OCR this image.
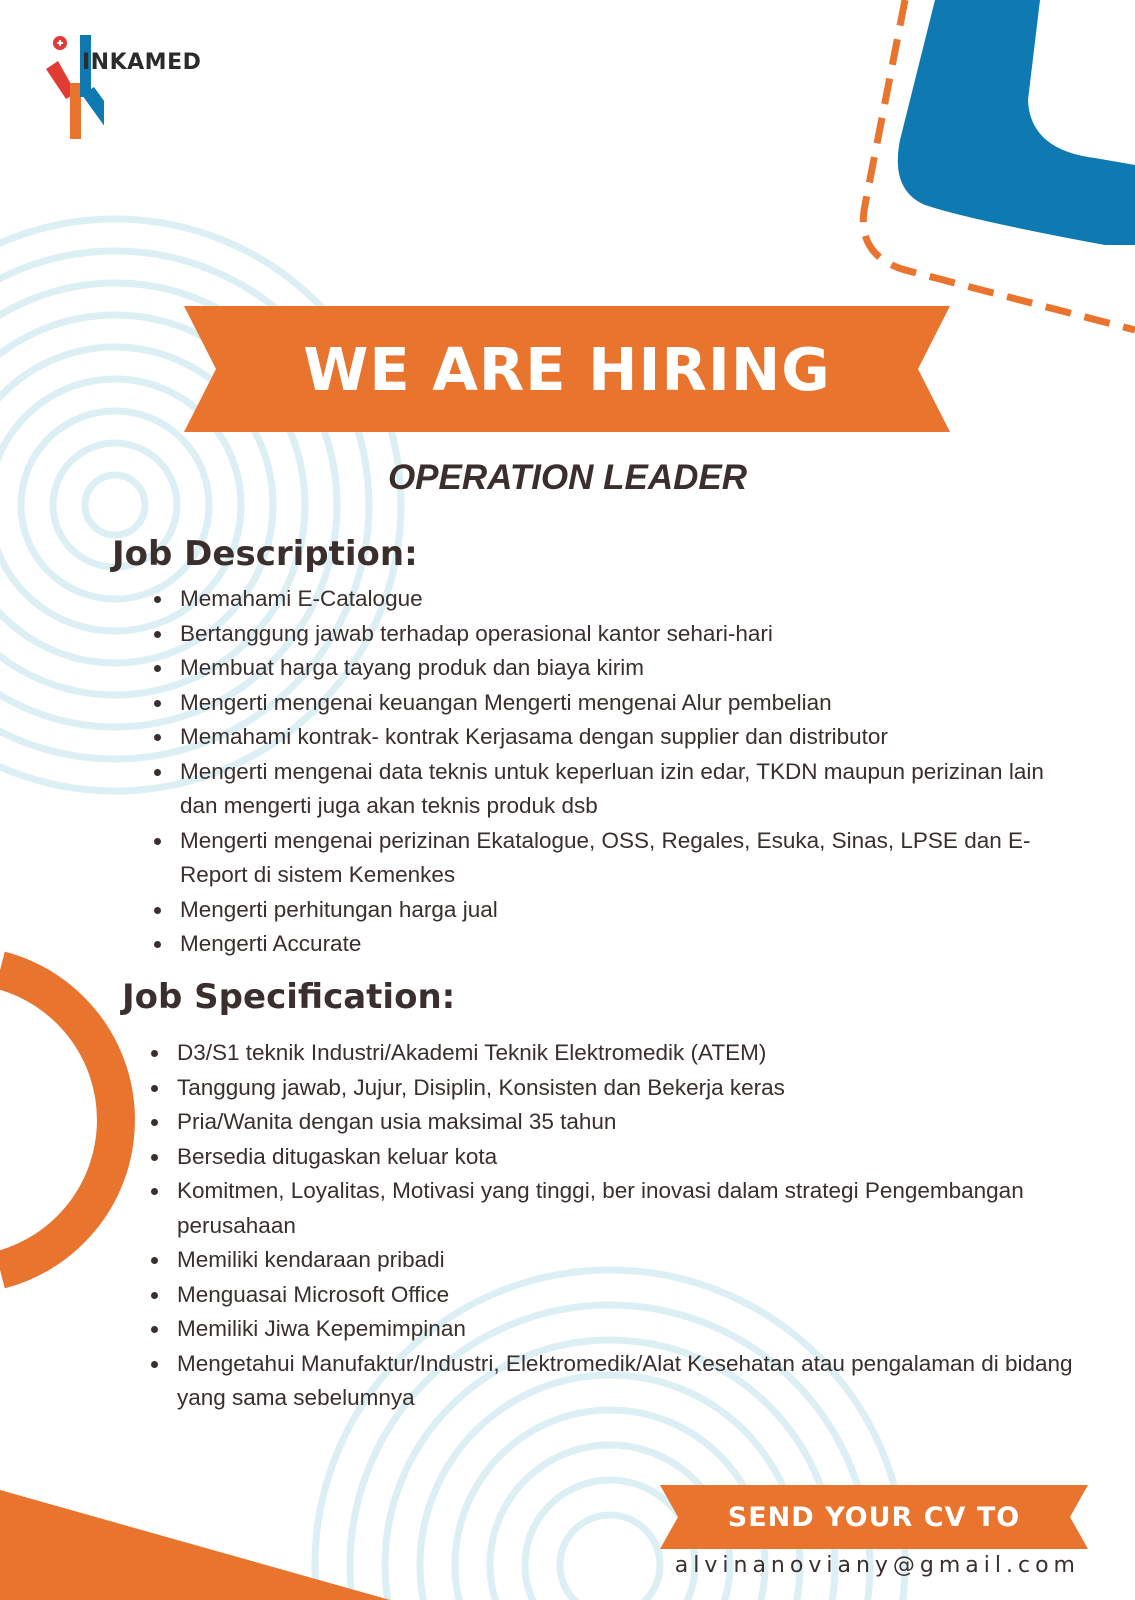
INKAMED
WE ARE HIRING
OPERATION LEADER
Job Description:
Memahami E-Catalogue
Bertanggung jawab terhadap operasional kantor sehari-hari
Membuat harga tayang produk dan biaya kirim
Mengerti mengenai keuangan Mengerti mengenai Alur pembelian
Memahami kontrak- kontrak Kerjasama dengan supplier dan distributor
Mengerti mengenai data teknis untuk keperluan izin edar, TKDN maupun perizinan lain dan mengerti juga akan teknis produk dsb
Mengerti mengenai perizinan Ekatalogue, OSS, Regales, Esuka, Sinas, LPSE dan E-Report di sistem Kemenkes
Mengerti perhitungan harga jual
Mengerti Accurate
Job Specification:
D3/S1 teknik Industri/Akademi Teknik Elektromedik (ATEM)
Tanggung jawab, Jujur, Disiplin, Konsisten dan Bekerja keras
Pria/Wanita dengan usia maksimal 35 tahun
Bersedia ditugaskan keluar kota
Komitmen, Loyalitas, Motivasi yang tinggi, ber inovasi dalam strategi Pengembangan perusahaan
Memiliki kendaraan pribadi
Menguasai Microsoft Office
Memiliki Jiwa Kepemimpinan
Mengetahui Manufaktur/Industri, Elektromedik/Alat Kesehatan atau pengalaman di bidang yang sama sebelumnya
SEND YOUR CV TO
alvinanoviany@gmail.com
